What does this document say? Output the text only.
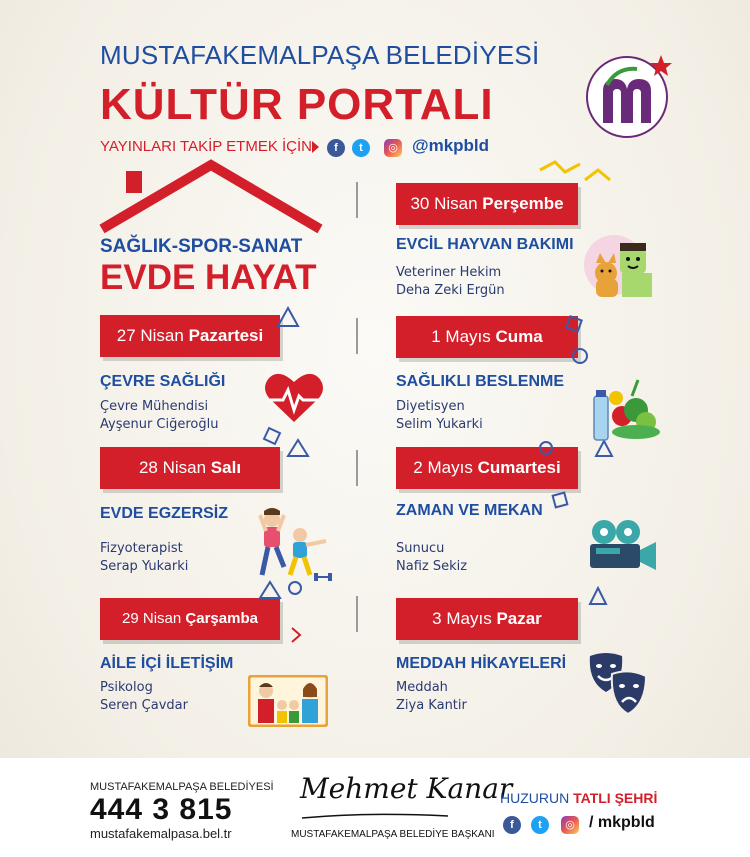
MUSTAFAKEMALPAŞA BELEDİYESİ
KÜLTÜR PORTALI
YAYINLARI TAKİP ETMEK İÇİN	f	t	◎ @mkpbld
SAĞLIK-SPOR-SANAT
EVDE HAYAT
27 Nisan Pazartesi
ÇEVRE SAĞLIĞI
Çevre Mühendisi
Ayşenur Ciğeroğlu
28 Nisan Salı
EVDE EGZERSİZ
Fizyoterapist
Serap Yukarki
29 Nisan Çarşamba
AİLE İÇİ İLETİŞİM
Psikolog
Seren Çavdar
30 Nisan Perşembe
EVCİL HAYVAN BAKIMI
Veteriner Hekim
Deha Zeki Ergün
1 Mayıs Cuma
SAĞLIKLI BESLENME
Diyetisyen
Selim Yukarki
2 Mayıs Cumartesi
ZAMAN VE MEKAN
Sunucu
Nafiz Sekiz
3 Mayıs Pazar
MEDDAH HİKAYELERİ
Meddah
Ziya Kantir
MUSTAFAKEMALPAŞA BELEDİYESİ
444 3 815
mustafakemalpasa.bel.tr
Mehmet Kanar
MUSTAFAKEMALPAŞA BELEDİYE BAŞKANI
HUZURUN TATLI ŞEHRİ
f	t	◎ / mkpbld
